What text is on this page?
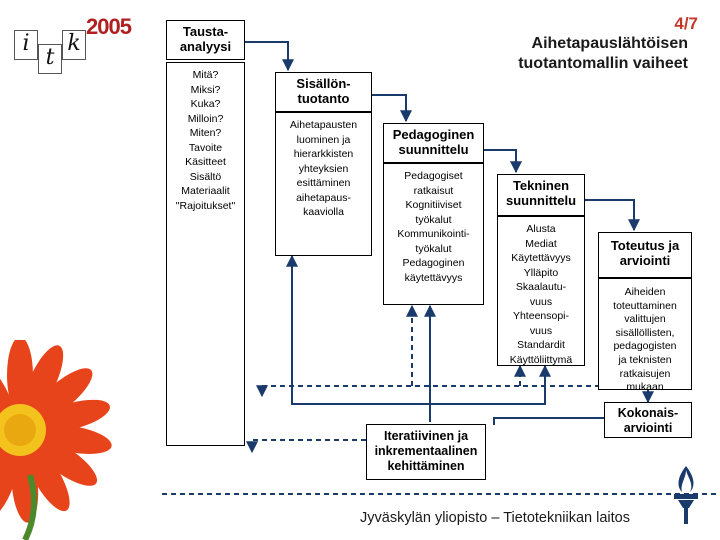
i
t
k
2005	4/7
Aihetapauslähtöisen
tuotantomallin vaiheet
Tausta-
analyysi
Mitä?
Miksi?
Kuka?
Milloin?
Miten?
Tavoite
Käsitteet
Sisältö
Materiaalit
"Rajoitukset"
Sisällön-
tuotanto
Aihetapausten
luominen ja
hierarkkisten
yhteyksien
esittäminen
aihetapaus-
kaaviolla
Pedagoginen
suunnittelu
Pedagogiset
ratkaisut
Kognitiiviset
työkalut
Kommunikointi-
työkalut
Pedagoginen
käytettävyys
Tekninen
suunnittelu
Alusta
Mediat
Käytettävyys
Ylläpito
Skaalautu-
vuus
Yhteensopi-
vuus
Standardit
Käyttöliittymä
Toteutus ja
arviointi
Aiheiden
toteuttaminen
valittujen
sisällöllisten,
pedagogisten
ja teknisten
ratkaisujen
mukaan
Kokonais-
arviointi
Iteratiivinen ja
inkrementaalinen
kehittäminen
Jyväskylän yliopisto – Tietotekniikan laitos
